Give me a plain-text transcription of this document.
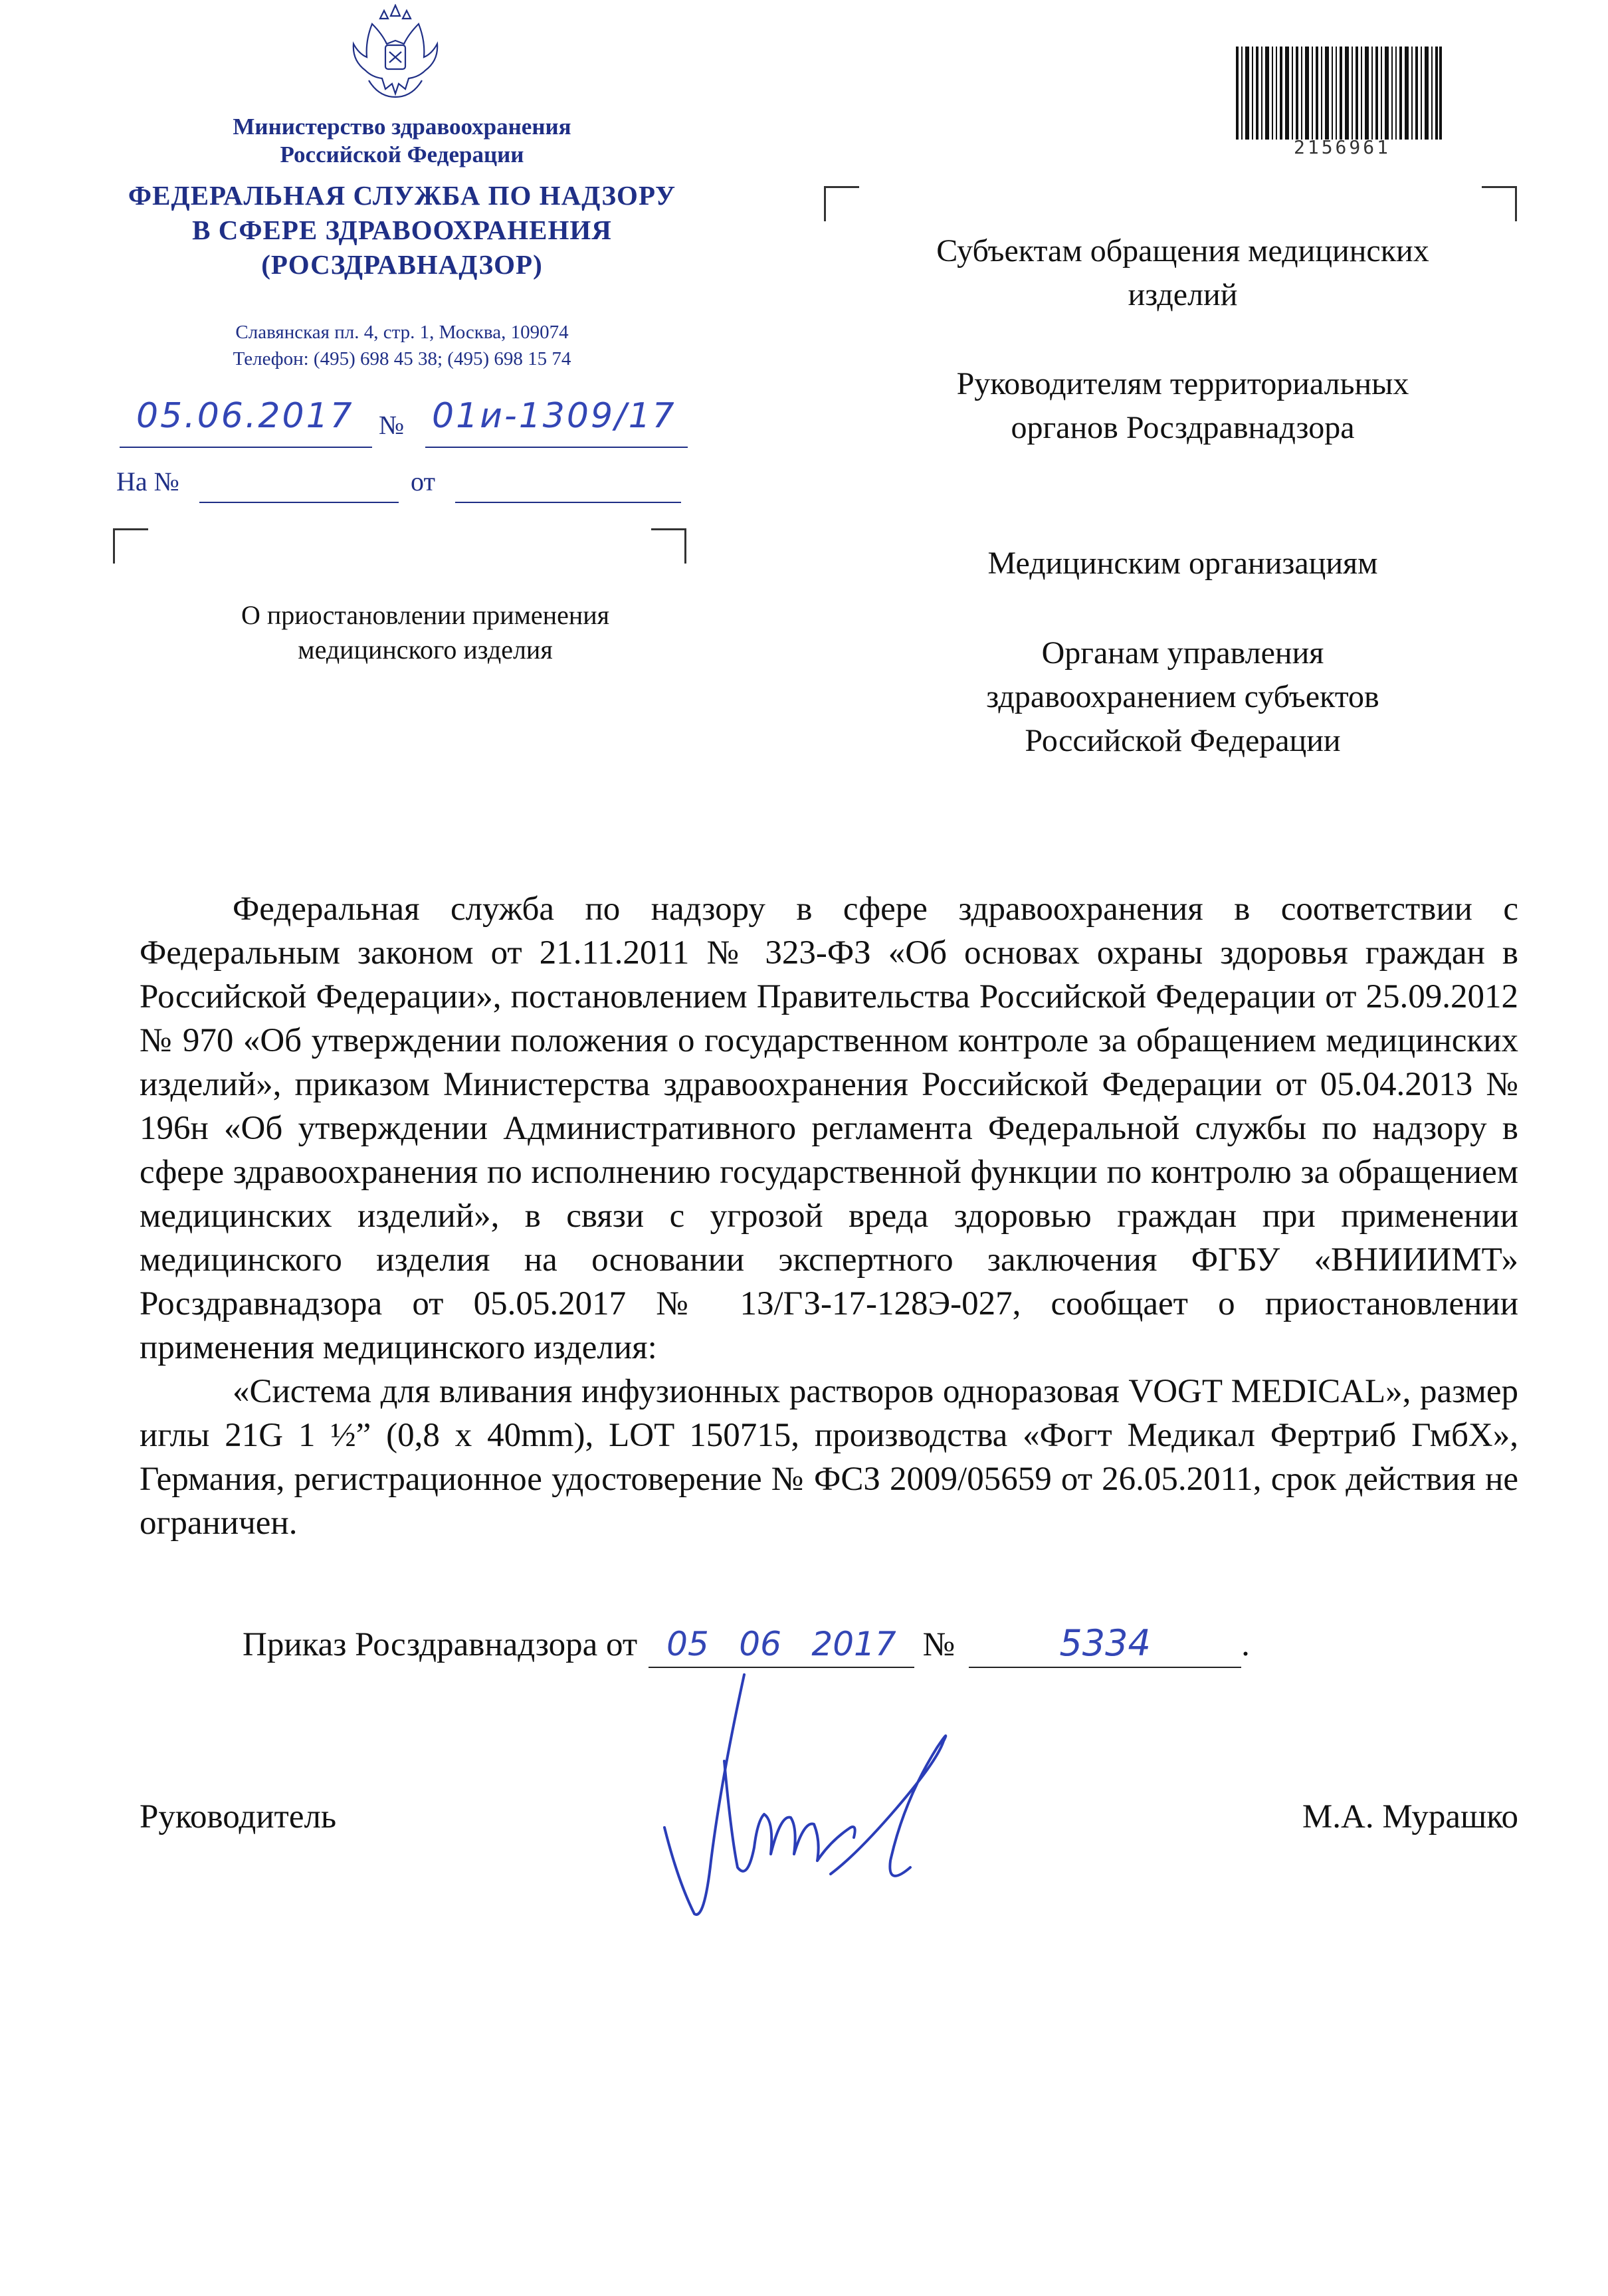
Министерство здравоохранения
Российской Федерации
ФЕДЕРАЛЬНАЯ СЛУЖБА ПО НАДЗОРУ
В СФЕРЕ ЗДРАВООХРАНЕНИЯ
(РОСЗДРАВНАДЗОР)
Славянская пл. 4, стр. 1, Москва, 109074
Телефон: (495) 698 45 38; (495) 698 15 74
05.06.2017 № 01и-1309/17
На №	от
2156961
Субъектам обращения медицинских изделий
Руководителям территориальных органов Росздравнадзора
Медицинским организациям
Органам управления здравоохранением субъектов Российской Федерации
О приостановлении применения медицинского изделия

Федеральная служба по надзору в сфере здравоохранения в соответствии с Федеральным законом от 21.11.2011 № 323-ФЗ «Об основах охраны здоровья граждан в Российской Федерации», постановлением Правительства Российской Федерации от 25.09.2012 № 970 «Об утверждении положения о государственном контроле за обращением медицинских изделий», приказом Министерства здравоохранения Российской Федерации от 05.04.2013 № 196н «Об утверждении Административного регламента Федеральной службы по надзору в сфере здравоохранения по исполнению государственной функции по контролю за обращением медицинских изделий», в связи с угрозой вреда здоровью граждан при применении медицинского изделия на основании экспертного заключения ФГБУ «ВНИИИМТ» Росздравнадзора от 05.05.2017 № 13/ГЗ-17-128Э-027, сообщает о приостановлении применения медицинского изделия:

«Система для вливания инфузионных растворов одноразовая VOGT MEDICAL», размер иглы 21G 1 ½” (0,8 x 40mm), LOT 150715, производства «Фогт Медикал Фертриб ГмбХ», Германия, регистрационное удостоверение № ФСЗ 2009/05659 от 26.05.2011, срок действия не ограничен.

Приказ Росздравнадзора от 05 06 2017 №	5334	.
Руководитель	М.А. Мурашко
